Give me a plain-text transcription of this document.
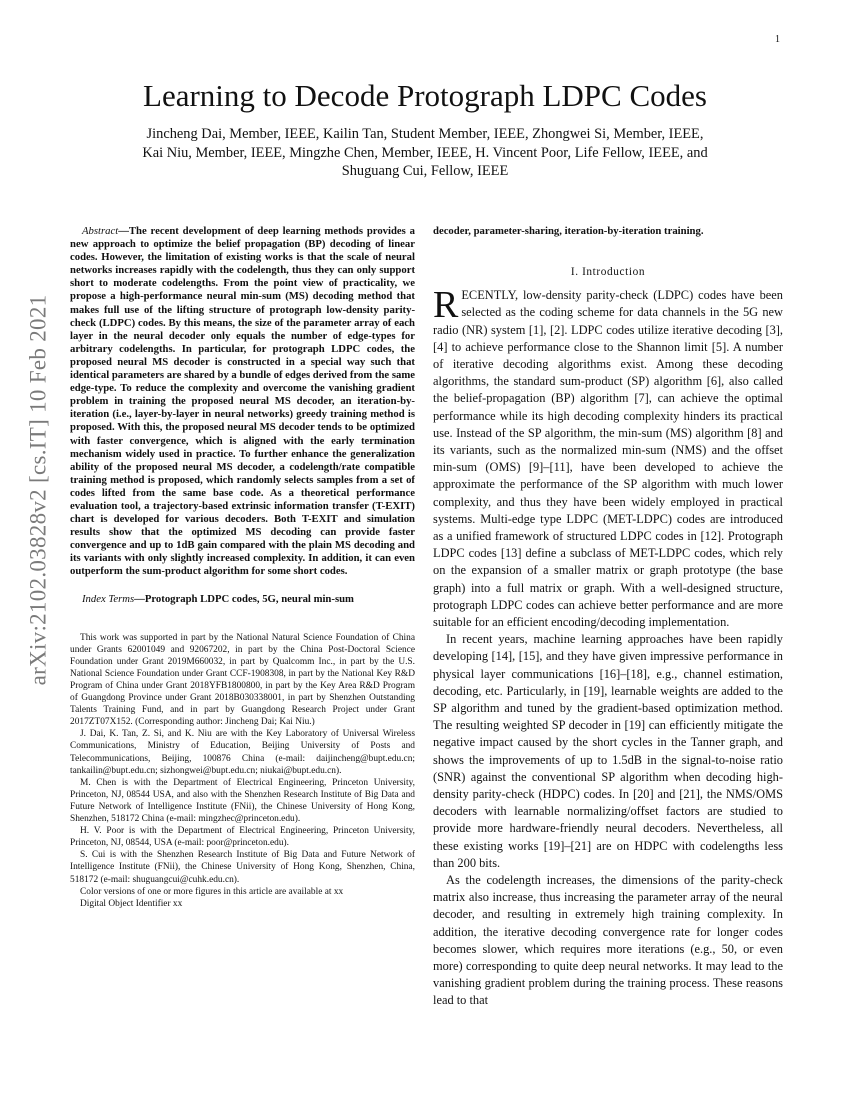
1
arXiv:2102.03828v2 [cs.IT] 10 Feb 2021
Learning to Decode Protograph LDPC Codes
Jincheng Dai, Member, IEEE, Kailin Tan, Student Member, IEEE, Zhongwei Si, Member, IEEE,
Kai Niu, Member, IEEE, Mingzhe Chen, Member, IEEE, H. Vincent Poor, Life Fellow, IEEE, and
Shuguang Cui, Fellow, IEEE

Abstract—The recent development of deep learning methods provides a new approach to optimize the belief propagation (BP) decoding of linear codes. However, the limitation of existing works is that the scale of neural networks increases rapidly with the codelength, thus they can only support short to moderate codelengths. From the point view of practicality, we propose a high-performance neural min-sum (MS) decoding method that makes full use of the lifting structure of protograph low-density parity-check (LDPC) codes. By this means, the size of the parameter array of each layer in the neural decoder only equals the number of edge-types for arbitrary codelengths. In particular, for protograph LDPC codes, the proposed neural MS decoder is constructed in a special way such that identical parameters are shared by a bundle of edges derived from the same edge-type. To reduce the complexity and overcome the vanishing gradient problem in training the proposed neural MS decoder, an iteration-by-iteration (i.e., layer-by-layer in neural networks) greedy training method is proposed. With this, the proposed neural MS decoder tends to be optimized with faster convergence, which is aligned with the early termination mechanism widely used in practice. To further enhance the generalization ability of the proposed neural MS decoder, a codelength/rate compatible training method is proposed, which randomly selects samples from a set of codes lifted from the same base code. As a theoretical performance evaluation tool, a trajectory-based extrinsic information transfer (T-EXIT) chart is developed for various decoders. Both T-EXIT and simulation results show that the optimized MS decoding can provide faster convergence and up to 1dB gain compared with the plain MS decoding and its variants with only slightly increased complexity. In addition, it can even outperform the sum-product algorithm for some short codes.

Index Terms—Protograph LDPC codes, 5G, neural min-sum

This work was supported in part by the National Natural Science Foundation of China under Grants 62001049 and 92067202, in part by the China Post-Doctoral Science Foundation under Grant 2019M660032, in part by Qualcomm Inc., in part by the U.S. National Science Foundation under Grant CCF-1908308, in part by the National Key R&D Program of China under Grant 2018YFB1800800, in part by the Key Area R&D Program of Guangdong Province under Grant 2018B030338001, in part by Shenzhen Outstanding Talents Training Fund, and in part by Guangdong Research Project under Grant 2017ZT07X152. (Corresponding author: Jincheng Dai; Kai Niu.)

J. Dai, K. Tan, Z. Si, and K. Niu are with the Key Laboratory of Universal Wireless Communications, Ministry of Education, Beijing University of Posts and Telecommunications, Beijing, 100876 China (e-mail: daijincheng@bupt.edu.cn; tankailin@bupt.edu.cn; sizhongwei@bupt.edu.cn; niukai@bupt.edu.cn).

M. Chen is with the Department of Electrical Engineering, Princeton University, Princeton, NJ, 08544 USA, and also with the Shenzhen Research Institute of Big Data and Future Network of Intelligence Institute (FNii), the Chinese University of Hong Kong, Shenzhen, 518172 China (e-mail: mingzhec@princeton.edu).

H. V. Poor is with the Department of Electrical Engineering, Princeton University, Princeton, NJ, 08544, USA (e-mail: poor@princeton.edu).

S. Cui is with the Shenzhen Research Institute of Big Data and Future Network of Intelligence Institute (FNii), the Chinese University of Hong Kong, Shenzhen, China, 518172 (e-mail: shuguangcui@cuhk.edu.cn).

Color versions of one or more figures in this article are available at xx

Digital Object Identifier xx

decoder, parameter-sharing, iteration-by-iteration training.

I. Introduction

RECENTLY, low-density parity-check (LDPC) codes have been selected as the coding scheme for data channels in the 5G new radio (NR) system [1], [2]. LDPC codes utilize iterative decoding [3], [4] to achieve performance close to the Shannon limit [5]. A number of iterative decoding algorithms exist. Among these decoding algorithms, the standard sum-product (SP) algorithm [6], also called the belief-propagation (BP) algorithm [7], can achieve the optimal performance while its high decoding complexity hinders its practical use. Instead of the SP algorithm, the min-sum (MS) algorithm [8] and its variants, such as the normalized min-sum (NMS) and the offset min-sum (OMS) [9]–[11], have been developed to achieve the approximate the performance of the SP algorithm with much lower complexity, and thus they have been widely employed in practical systems. Multi-edge type LDPC (MET-LDPC) codes are introduced as a unified framework of structured LDPC codes in [12]. Protograph LDPC codes [13] define a subclass of MET-LDPC codes, which rely on the expansion of a smaller matrix or graph prototype (the base graph) into a full matrix or graph. With a well-designed structure, protograph LDPC codes can achieve better performance and are more suitable for an efficient encoding/decoding implementation.

In recent years, machine learning approaches have been rapidly developing [14], [15], and they have given impressive performance in physical layer communications [16]–[18], e.g., channel estimation, decoding, etc. Particularly, in [19], learnable weights are added to the SP algorithm and tuned by the gradient-based optimization method. The resulting weighted SP decoder in [19] can efficiently mitigate the negative impact caused by the short cycles in the Tanner graph, and shows the improvements of up to 1.5dB in the signal-to-noise ratio (SNR) against the conventional SP algorithm when decoding high-density parity-check (HDPC) codes. In [20] and [21], the NMS/OMS decoders with learnable normalizing/offset factors are studied to provide more hardware-friendly neural decoders. Nevertheless, all these existing works [19]–[21] are on HDPC with codelengths less than 200 bits.

As the codelength increases, the dimensions of the parity-check matrix also increase, thus increasing the parameter array of the neural decoder, and resulting in extremely high training complexity. In addition, the iterative decoding convergence rate for longer codes becomes slower, which requires more iterations (e.g., 50, or even more) corresponding to quite deep neural networks. It may lead to the vanishing gradient problem during the training process. These reasons lead to that
